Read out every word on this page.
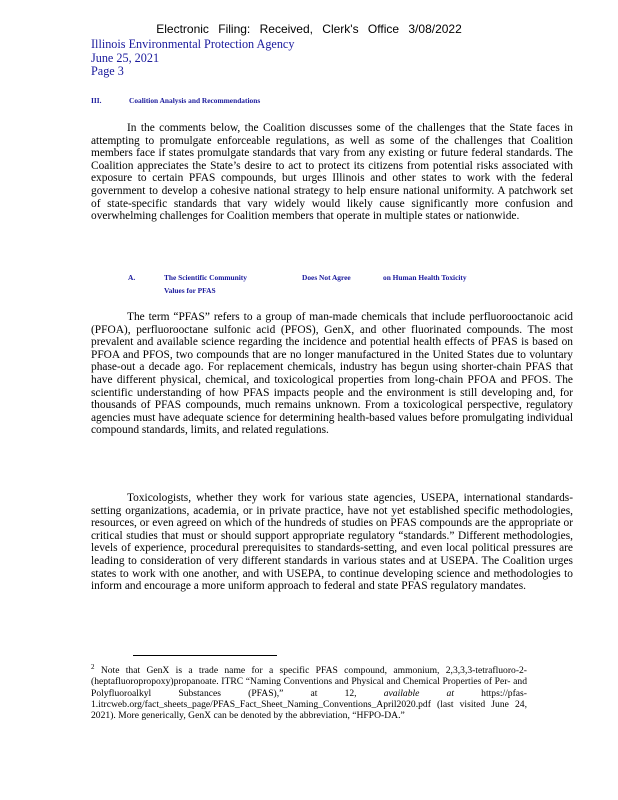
Electronic Filing: Received, Clerk's Office 3/08/2022
Illinois Environmental Protection Agency
June 25, 2021
Page 3
III.	Coalition Analysis and Recommendations

In the comments below, the Coalition discusses some of the challenges that the State faces in attempting to promulgate enforceable regulations, as well as some of the challenges that Coalition members face if states promulgate standards that vary from any existing or future federal standards. The Coalition appreciates the State’s desire to act to protect its citizens from potential risks associated with exposure to certain PFAS compounds, but urges Illinois and other states to work with the federal government to develop a cohesive national strategy to help ensure national uniformity. A patchwork set of state-specific standards that vary widely would likely cause significantly more confusion and overwhelming challenges for Coalition members that operate in multiple states or nationwide.

A.	The Scientific Community	Does Not Agree	on Human Health Toxicity
Values for PFAS

The term “PFAS” refers to a group of man-made chemicals that include perfluorooctanoic acid (PFOA), perfluorooctane sulfonic acid (PFOS), GenX, and other fluorinated compounds. The most prevalent and available science regarding the incidence and potential health effects of PFAS is based on PFOA and PFOS, two compounds that are no longer manufactured in the United States due to voluntary phase-out a decade ago. For replacement chemicals, industry has begun using shorter-chain PFAS that have different physical, chemical, and toxicological properties from long-chain PFOA and PFOS. The scientific understanding of how PFAS impacts people and the environment is still developing and, for thousands of PFAS compounds, much remains unknown. From a toxicological perspective, regulatory agencies must have adequate science for determining health-based values before promulgating individual compound standards, limits, and related regulations.

Toxicologists, whether they work for various state agencies, USEPA, international standards-setting organizations, academia, or in private practice, have not yet established specific methodologies, resources, or even agreed on which of the hundreds of studies on PFAS compounds are the appropriate or critical studies that must or should support appropriate regulatory “standards.” Different methodologies, levels of experience, procedural prerequisites to standards-setting, and even local political pressures are leading to consideration of very different standards in various states and at USEPA. The Coalition urges states to work with one another, and with USEPA, to continue developing science and methodologies to inform and encourage a more uniform approach to federal and state PFAS regulatory mandates.

$^2$ Note that GenX is a trade name for a specific PFAS compound, ammonium, 2,3,3,3-tetrafluoro-2-(heptafluoropropoxy)propanoate. ITRC “Naming Conventions and Physical and Chemical Properties of Per- and Polyfluoroalkyl Substances (PFAS),” at 12,	available at	https://pfas-1.itrcweb.org/fact_sheets_page/PFAS_Fact_Sheet_Naming_Conventions_April2020.pdf (last visited June 24, 2021). More generically, GenX can be denoted by the abbreviation, “HFPO-DA.”
